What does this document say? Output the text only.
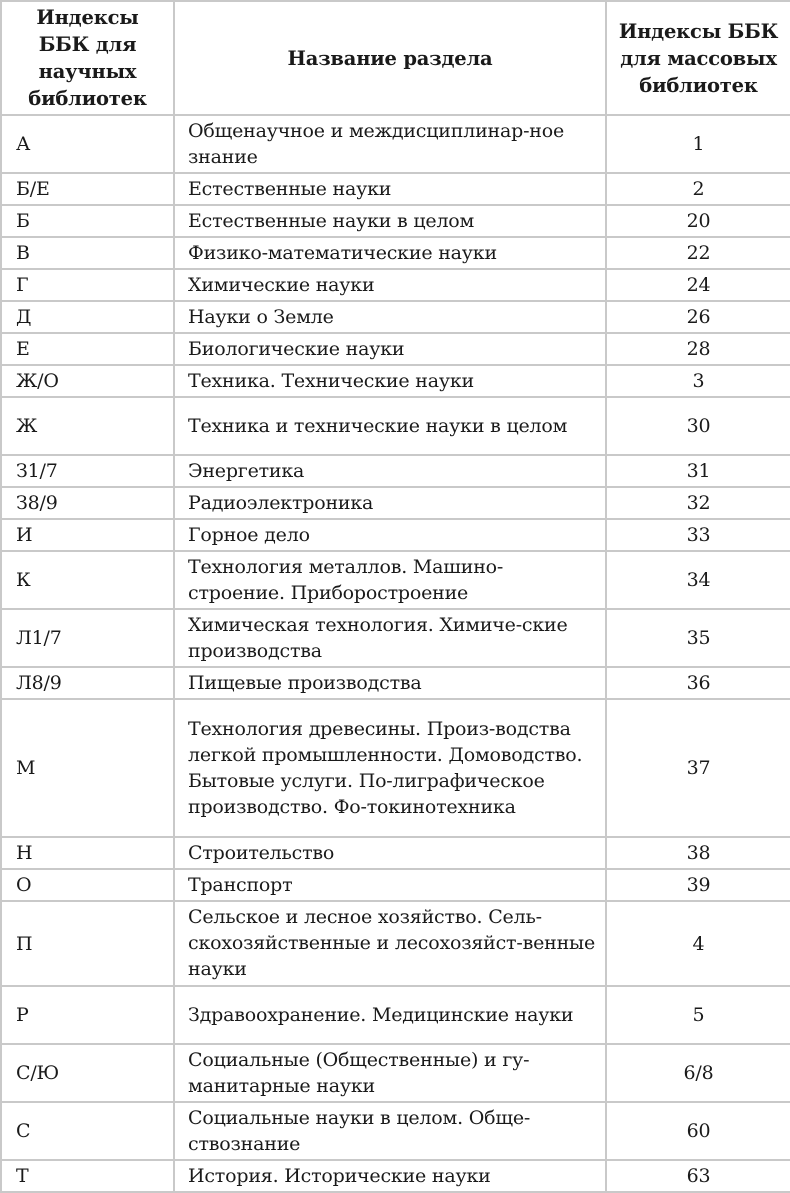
Индексы ББК для научных библиотек	Название раздела	Индексы ББК для массовых библиотек
А	Общенаучное и междисциплинар-ное знание	1
Б/Е	Естественные науки	2
Б	Естественные науки в целом	20
В	Физико-математические науки	22
Г	Химические науки	24
Д	Науки о Земле	26
Е	Биологические науки	28
Ж/О	Техника. Технические науки	3
Ж	Техника и технические науки в целом	30
З1/7	Энергетика	31
З8/9	Радиоэлектроника	32
И	Горное дело	33
К	Технология металлов. Машино-строение. Приборостроение	34
Л1/7	Химическая технология. Химиче-ские производства	35
Л8/9	Пищевые производства	36
М	Технология древесины. Произ-водства легкой промышленности. Домоводство. Бытовые услуги. По-лиграфическое производство. Фо-токинотехника	37
Н	Строительство	38
О	Транспорт	39
П	Сельское и лесное хозяйство. Сель-скохозяйственные и лесохозяйст-венные науки	4
Р	Здравоохранение. Медицинские науки	5
С/Ю	Социальные (Общественные) и гу-манитарные науки	6/8
С	Социальные науки в целом. Обще-ствознание	60
Т	История. Исторические науки	63
